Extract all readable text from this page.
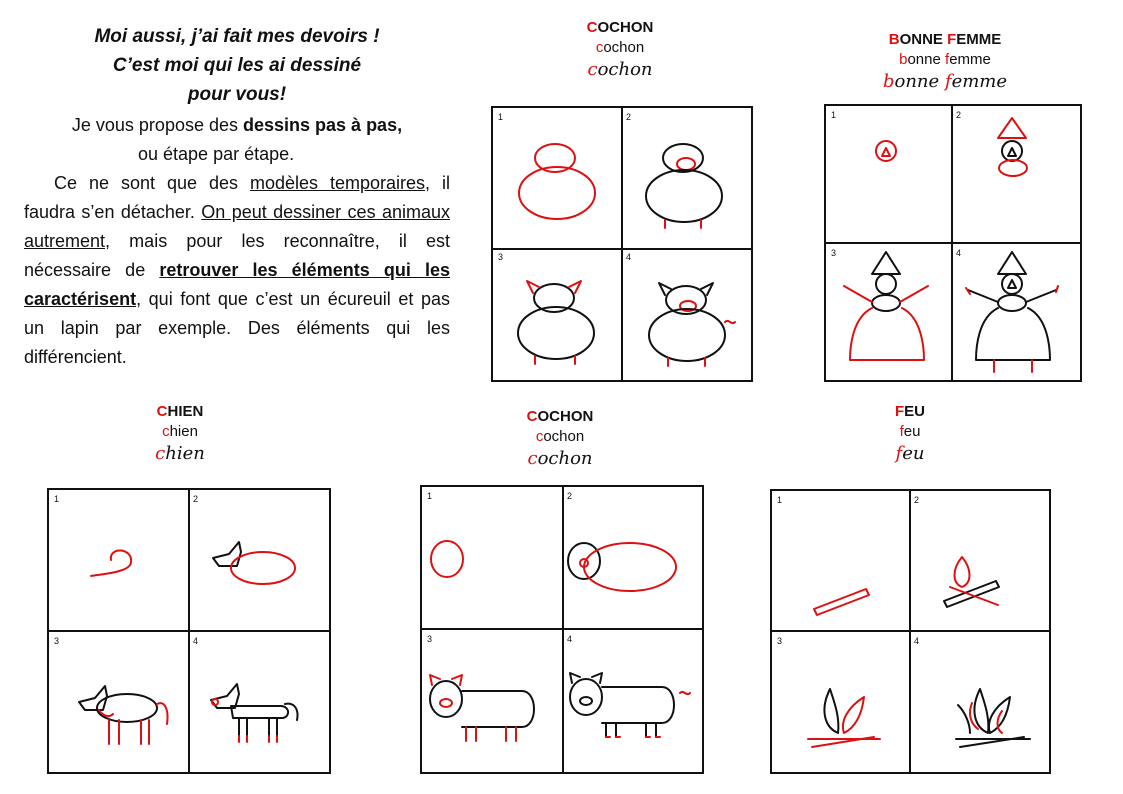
Moi aussi, j’ai fait mes devoirs !
C’est moi qui les ai dessiné
pour vous!
Je vous propose des dessins pas à pas,
ou étape par étape.

Ce ne sont que des modèles temporaires, il faudra s’en détacher. On peut dessiner ces animaux autrement, mais pour les reconnaître, il est nécessaire de retrouver les éléments qui les caractérisent, qui font que c’est un écureuil et pas un lapin par exemple. Des éléments qui les différencient.

COCHON
cochon
cochon
BONNE FEMME
bonne femme
bonne femme
CHIEN
chien
chien
COCHON
cochon
cochon
FEU
feu
feu
1	2
3	4
1	2
3	4
1	2
3	4
1	2
3	4
1	2
3	4
